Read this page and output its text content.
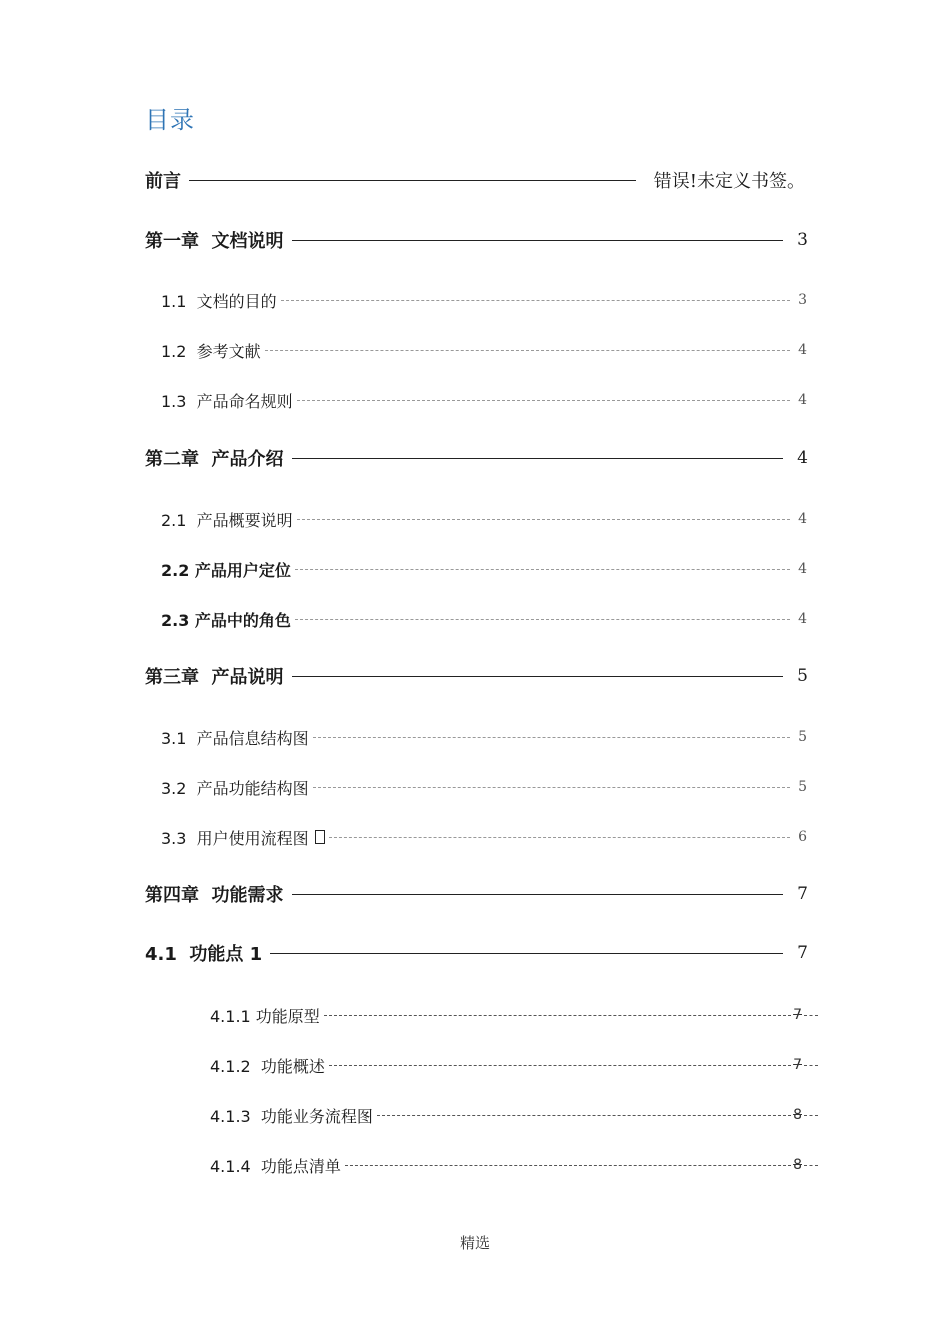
目录
前言	错误!未定义书签。
第一章  文档说明	3
1.1  文档的目的	3
1.2  参考文献	4
1.3  产品命名规则	4
第二章  产品介绍	4
2.1  产品概要说明	4
2.2 产品用户定位	4
2.3 产品中的角色	4
第三章  产品说明	5
3.1  产品信息结构图	5
3.2  产品功能结构图	5
3.3  用户使用流程图	6
第四章  功能需求	7
4.1  功能点 1	7
4.1.1 功能原型	7
4.1.2  功能概述	7
4.1.3  功能业务流程图	8
4.1.4  功能点清单	8
精选
